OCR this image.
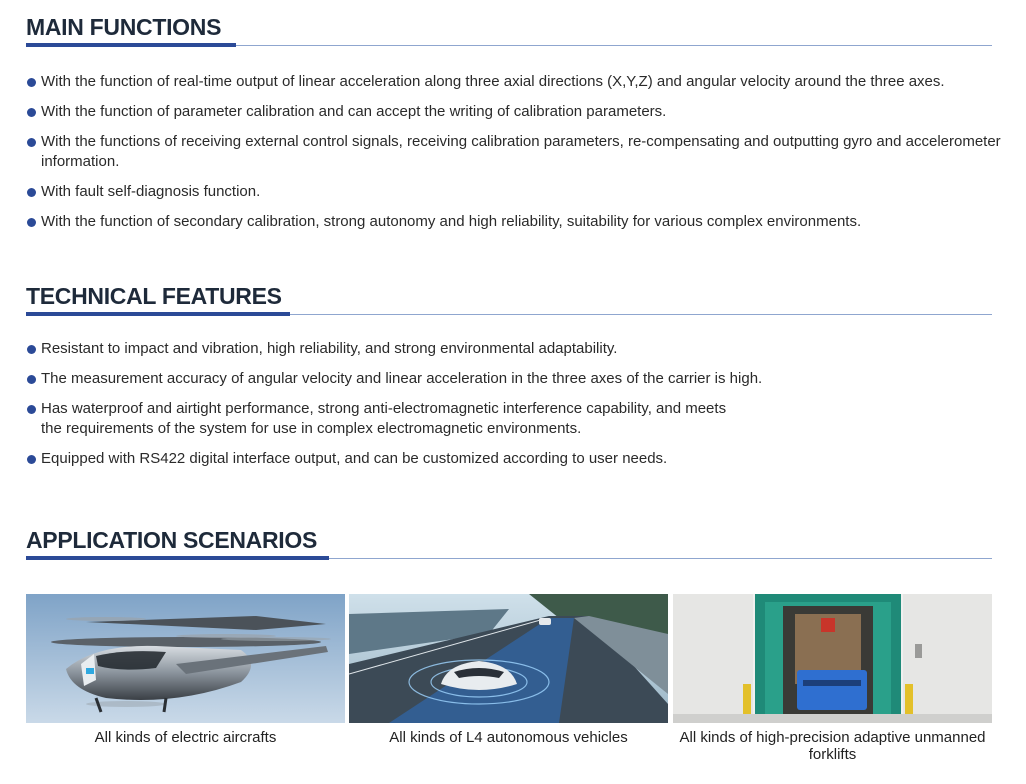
MAIN FUNCTIONS
With the function of real-time output of linear acceleration along three axial directions (X,Y,Z) and angular velocity around the three axes.
With the function of parameter calibration and can accept the writing of calibration parameters.
With the functions of receiving external control signals, receiving calibration parameters, re-compensating and outputting gyro and accelerometer information.
With fault self-diagnosis function.
With the function of secondary calibration, strong autonomy and high reliability, suitability for various complex environments.
TECHNICAL FEATURES
Resistant to impact and vibration, high reliability, and strong environmental adaptability.
The measurement accuracy of angular velocity and linear acceleration in the three axes of the carrier is high.
Has waterproof and airtight performance, strong anti-electromagnetic interference capability, and meets the requirements of the system for use in complex electromagnetic environments.
Equipped with RS422 digital interface output, and can be customized according to user needs.
APPLICATION SCENARIOS
All kinds of electric aircrafts	All kinds of L4 autonomous vehicles	All kinds of high-precision adaptive unmanned forklifts
